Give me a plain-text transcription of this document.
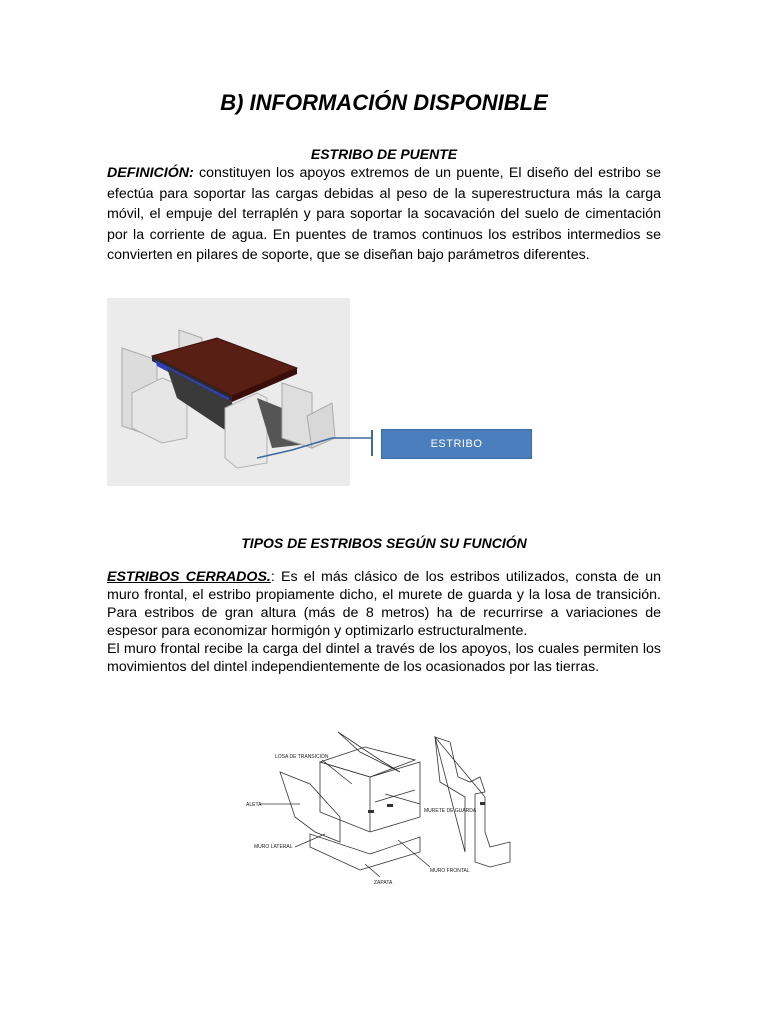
B) INFORMACIÓN DISPONIBLE
ESTRIBO DE PUENTE
DEFINICIÓN: constituyen los apoyos extremos de un puente, El diseño del estribo se efectúa para soportar las cargas debidas al peso de la superestructura más la carga móvil, el empuje del terraplén y para soportar la socavación del suelo de cimentación por la corriente de agua. En puentes de tramos continuos los estribos intermedios se convierten en pilares de soporte, que se diseñan bajo parámetros diferentes.
ESTRIBO
TIPOS DE ESTRIBOS SEGÚN SU FUNCIÓN
ESTRIBOS CERRADOS.: Es el más clásico de los estribos utilizados, consta de un muro frontal, el estribo propiamente dicho, el murete de guarda y la losa de transición. Para estribos de gran altura (más de 8 metros) ha de recurrirse a variaciones de espesor para economizar hormigón y optimizarlo estructuralmente.
El muro frontal recibe la carga del dintel a través de los apoyos, los cuales permiten los movimientos del dintel independientemente de los ocasionados por las tierras.
LOSA DE TRANSICIÓN
ALETA
MURETE DE GUARDA
MURO LATERAL
MURO FRONTAL
ZAPATA
